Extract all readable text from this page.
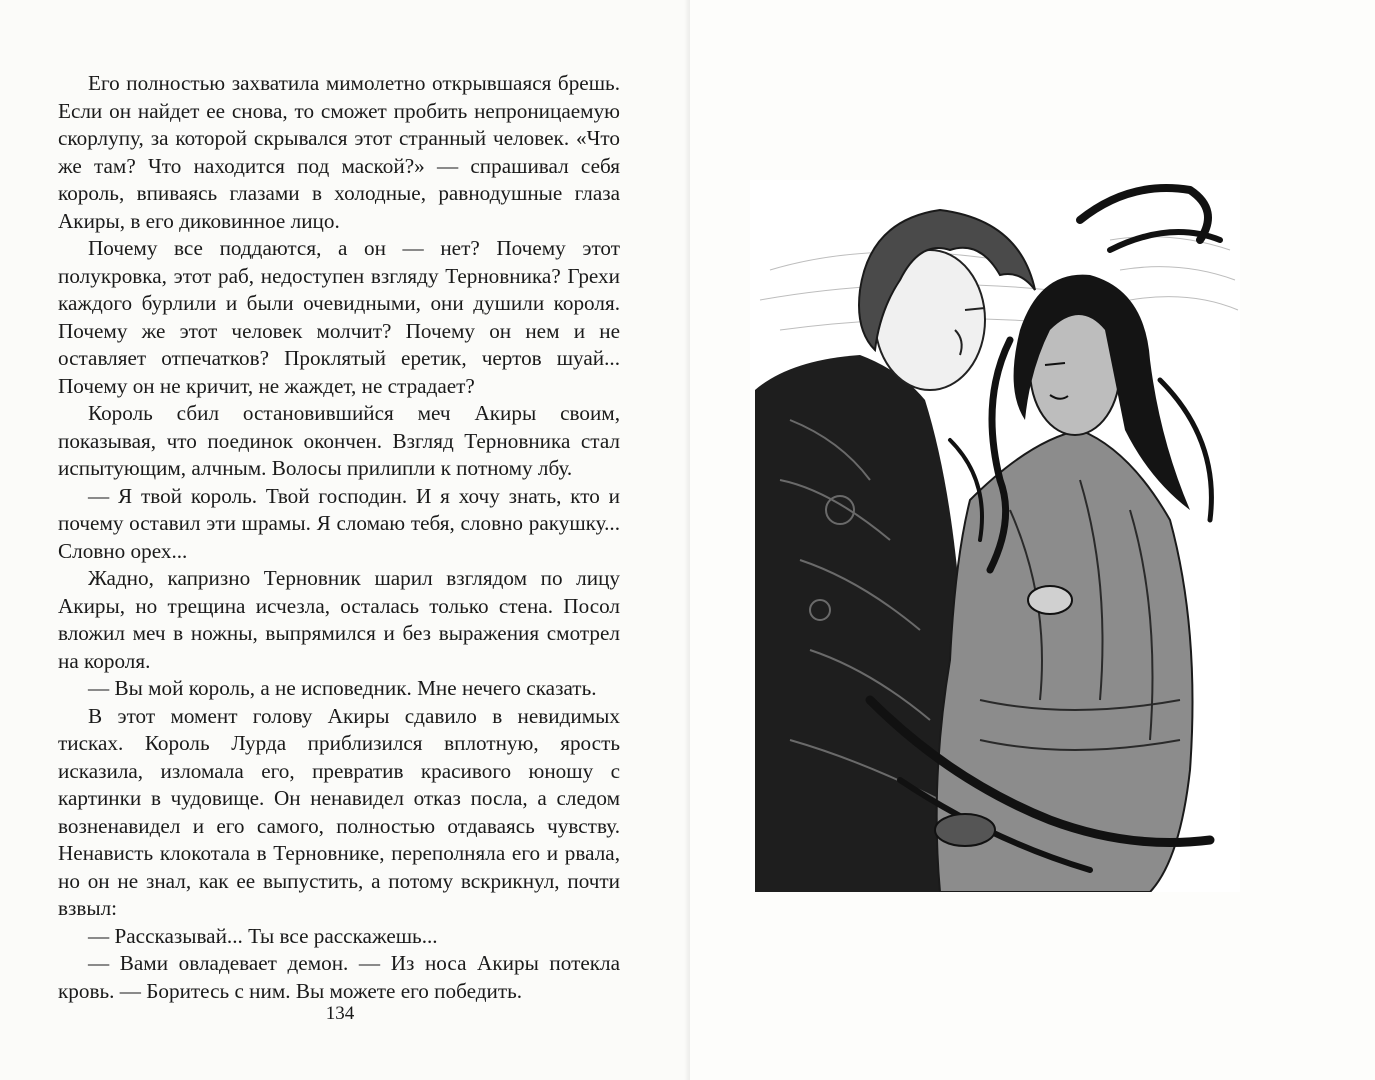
Его полностью захватила мимолетно открывшаяся брешь. Если он найдет ее снова, то сможет пробить непроницаемую скорлупу, за которой скрывался этот странный человек. «Что же там? Что находится под маской?» — спрашивал себя король, впиваясь глазами в холодные, равнодушные глаза Акиры, в его диковинное лицо.

Почему все поддаются, а он — нет? Почему этот полукровка, этот раб, недоступен взгляду Терновника? Грехи каждого бурлили и были очевидными, они душили короля. Почему же этот человек молчит? Почему он нем и не оставляет отпечатков? Проклятый еретик, чертов шуай... Почему он не кричит, не жаждет, не страдает?

Король сбил остановившийся меч Акиры своим, показывая, что поединок окончен. Взгляд Терновника стал испытующим, алчным. Волосы прилипли к потному лбу.

— Я твой король. Твой господин. И я хочу знать, кто и почему оставил эти шрамы. Я сломаю тебя, словно ракушку... Словно орех...

Жадно, капризно Терновник шарил взглядом по лицу Акиры, но трещина исчезла, осталась только стена. Посол вложил меч в ножны, выпрямился и без выражения смотрел на короля.

— Вы мой король, а не исповедник. Мне нечего сказать.

В этот момент голову Акиры сдавило в невидимых тисках. Король Лурда приблизился вплотную, ярость исказила, изломала его, превратив красивого юношу с картинки в чудовище. Он ненавидел отказ посла, а следом возненавидел и его самого, полностью отдаваясь чувству. Ненависть клокотала в Терновнике, переполняла его и рвала, но он не знал, как ее выпустить, а потому вскрикнул, почти взвыл:

— Рассказывай... Ты все расскажешь...

— Вами овладевает демон. — Из носа Акиры потекла кровь. — Боритесь с ним. Вы можете его победить.

134
